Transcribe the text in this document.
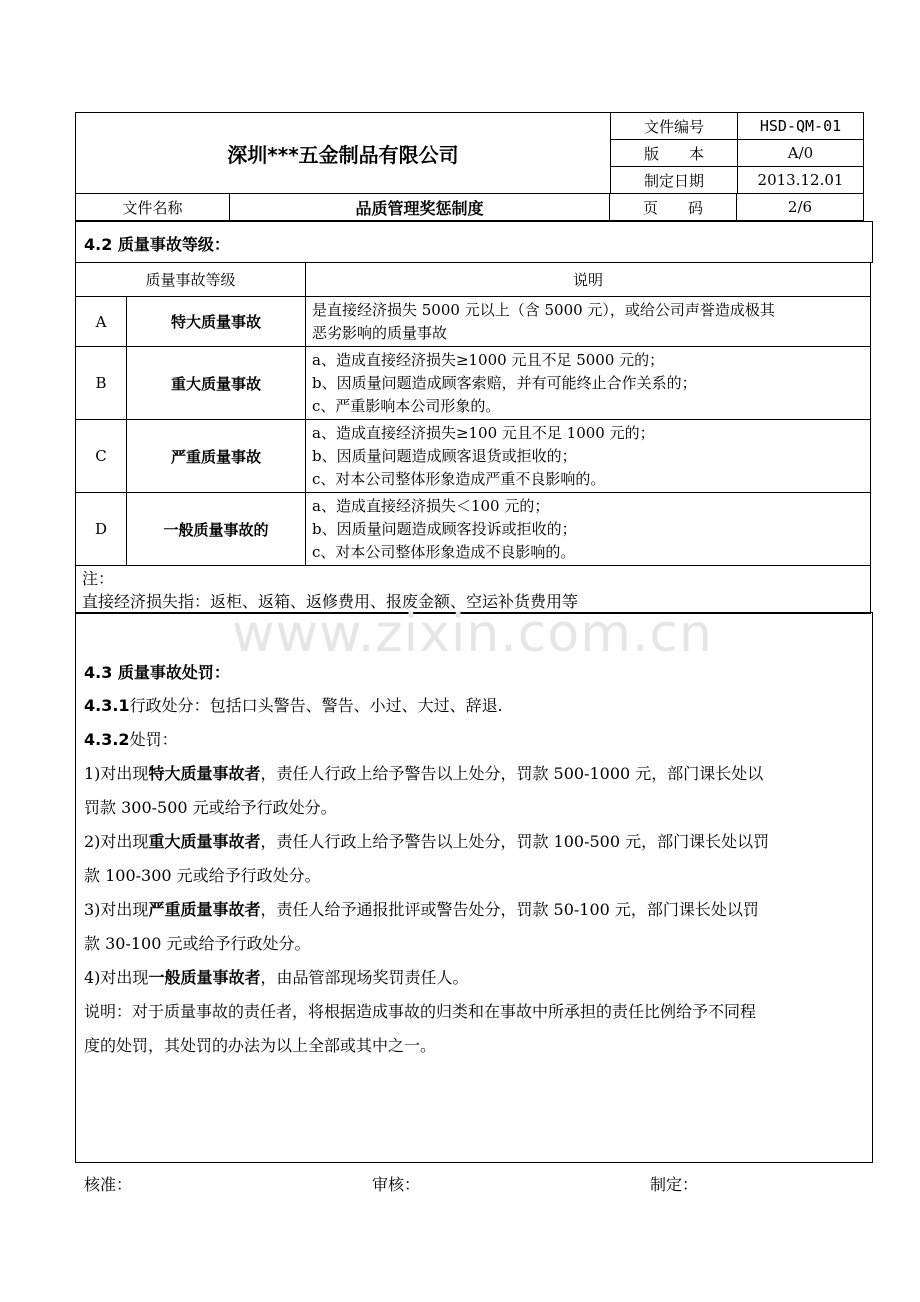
深圳***五金制品有限公司	文件编号	HSD-QM-01
	版　　本	A/0
	制定日期	2013.12.01
文件名称	品质管理奖惩制度	页　　码	2/6
4.2 质量事故等级：
质量事故等级		说明
A	特大质量事故	是直接经济损失 5000 元以上（含 5000 元），或给公司声誉造成极其
恶劣影响的质量事故

B	重大质量事故	a、造成直接经济损失≥1000 元且不足 5000 元的；
b、因质量问题造成顾客索赔，并有可能终止合作关系的；
c、严重影响本公司形象的。

C	严重质量事故	a、造成直接经济损失≥100 元且不足 1000 元的；
b、因质量问题造成顾客退货或拒收的；
c、对本公司整体形象造成严重不良影响的。

D	一般质量事故的	a、造成直接经济损失＜100 元的；
b、因质量问题造成顾客投诉或拒收的；
c、对本公司整体形象造成不良影响的。

注：
直接经济损失指：返柜、返箱、返修费用、报废金额、空运补货费用等		
www.zixin.com.cn
4.3 质量事故处罚：
4.3.1行政处分：包括口头警告、警告、小过、大过、辞退.
4.3.2处罚：
1)对出现特大质量事故者，责任人行政上给予警告以上处分，罚款 500-1000 元，部门课长处以
罚款 300-500 元或给予行政处分。
2)对出现重大质量事故者，责任人行政上给予警告以上处分，罚款 100-500 元，部门课长处以罚
款 100-300 元或给予行政处分。
3)对出现严重质量事故者，责任人给予通报批评或警告处分，罚款 50-100 元，部门课长处以罚
款 30-100 元或给予行政处分。
4)对出现一般质量事故者，由品管部现场奖罚责任人。
说明：对于质量事故的责任者，将根据造成事故的归类和在事故中所承担的责任比例给予不同程
度的处罚，其处罚的办法为以上全部或其中之一。
核准：	审核：	制定：
